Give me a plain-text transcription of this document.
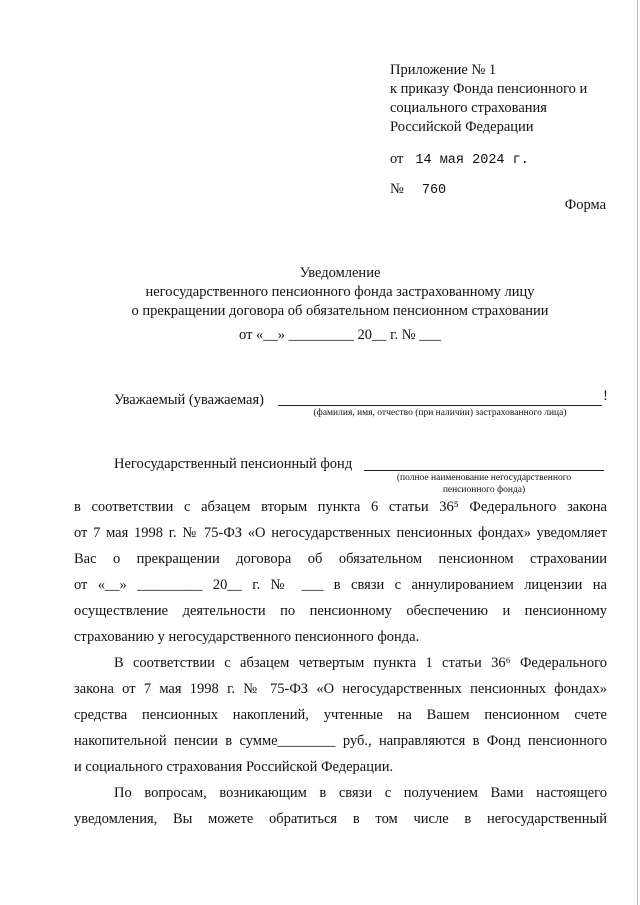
Приложение № 1
к приказу Фонда пенсионного и
социального страхования
Российской Федерации
от 14 мая 2024 г.
№ 760
Форма
Уведомление
негосударственного пенсионного фонда застрахованному лицу
о прекращении договора об обязательном пенсионном страховании
от «__» _________ 20__ г. № ___
Уважаемый (уважаемая)	!
(фамилия, имя, отчество (при наличии) застрахованного лица)
Негосударственный пенсионный фонд
(полное наименование негосударственного
пенсионного фонда)
в соответствии с абзацем вторым пункта 6 статьи 36⁵ Федерального закона
от 7 мая 1998 г. № 75-ФЗ «О негосударственных пенсионных фондах» уведомляет
Вас о прекращении договора об обязательном пенсионном страховании
от «__» _________ 20__ г. № ___ в связи с аннулированием лицензии на
осуществление деятельности по пенсионному обеспечению и пенсионному
страхованию у негосударственного пенсионного фонда.
В соответствии с абзацем четвертым пункта 1 статьи 36⁶ Федерального
закона от 7 мая 1998 г. № 75-ФЗ «О негосударственных пенсионных фондах»
средства пенсионных накоплений, учтенные на Вашем пенсионном счете
накопительной пенсии в сумме________ руб., направляются в Фонд пенсионного
и социального страхования Российской Федерации.
По вопросам, возникающим в связи с получением Вами настоящего
уведомления, Вы можете обратиться в том числе в негосударственный
